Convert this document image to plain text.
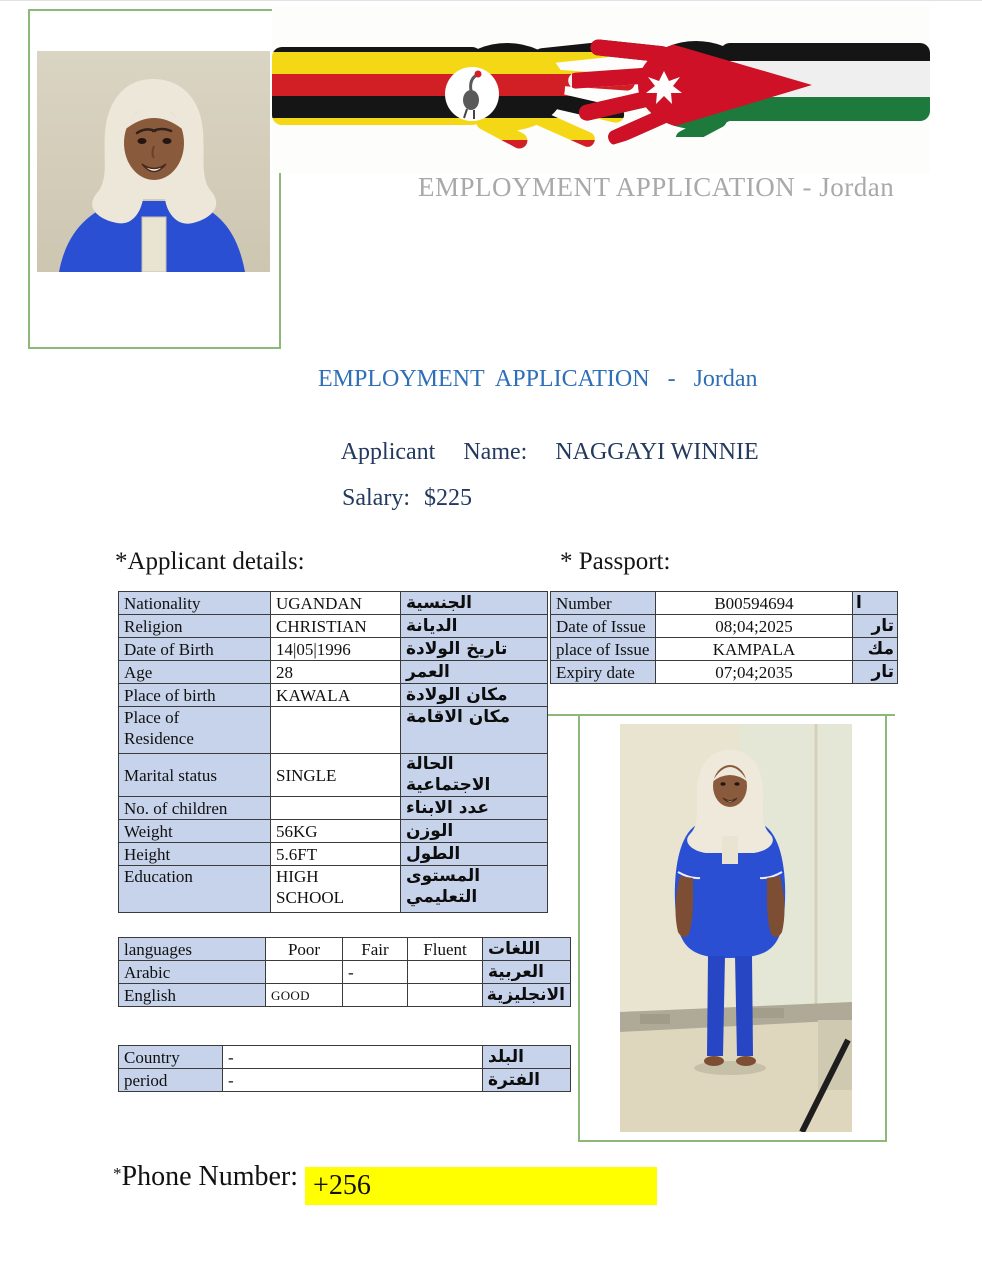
EMPLOYMENT APPLICATION - Jordan
EMPLOYMENT  APPLICATION   -   Jordan

Applicant Name: NAGGAYI WINNIE

Salary: $225

*Applicant details:	* Passport:
Nationality	UGANDAN	الجنسية
Religion	CHRISTIAN	الديانة
Date of Birth	14|05|1996	تاريخ الولادة
Age	28	العمر
Place of birth	KAWALA	مكان الولادة
Place of Residence		مكان الاقامة
Marital status	SINGLE	الحالة الاجتماعية
No. of children		عدد الابناء
Weight	56KG	الوزن
Height	5.6FT	الطول
Education	HIGH SCHOOL	المستوى التعليمي
Number	B00594694	ا
Date of Issue	08;04;2025	تار
place of Issue	KAMPALA	مك
Expiry date	07;04;2035	تار
languages	Poor	Fair	Fluent	اللغات
Arabic		-		العربية
English	GOOD			الانجليزية
Country	-	البلد
period	-	الفترة
*Phone Number: +256
